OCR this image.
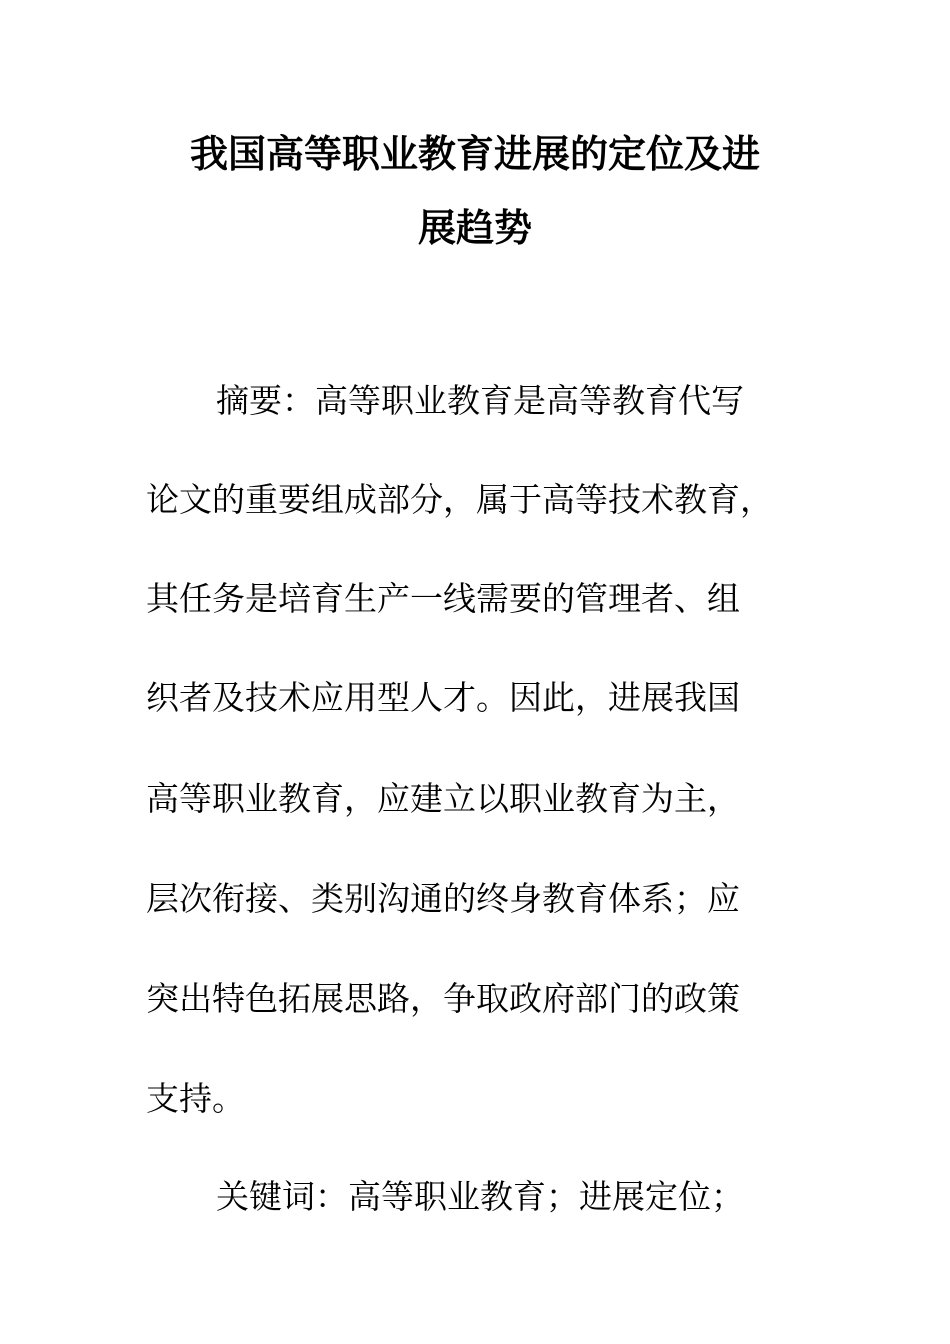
我国高等职业教育进展的定位及进
展趋势
摘要：高等职业教育是高等教育代写
论文的重要组成部分，属于高等技术教育，
其任务是培育生产一线需要的管理者、组
织者及技术应用型人才。因此，进展我国
高等职业教育，应建立以职业教育为主，
层次衔接、类别沟通的终身教育体系；应
突出特色拓展思路，争取政府部门的政策
支持。
关键词：高等职业教育；进展定位；
